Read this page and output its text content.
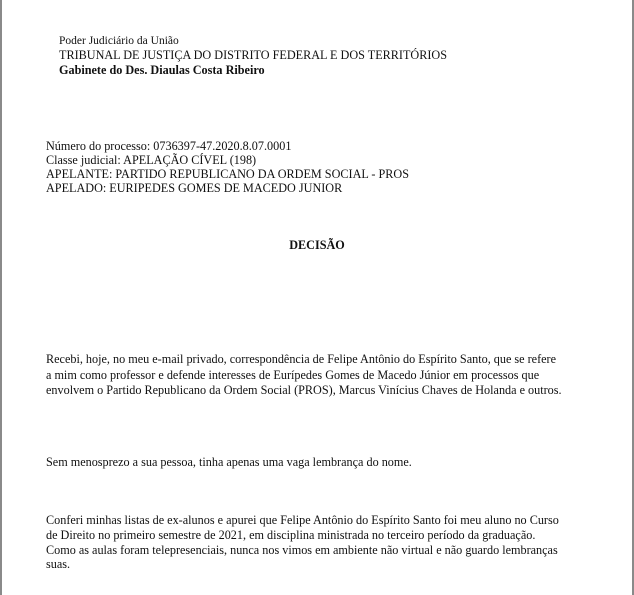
Poder Judiciário da União
TRIBUNAL DE JUSTIÇA DO DISTRITO FEDERAL E DOS TERRITÓRIOS
Gabinete do Des. Diaulas Costa Ribeiro
Número do processo: 0736397-47.2020.8.07.0001
Classe judicial: APELAÇÃO CÍVEL (198)
APELANTE: PARTIDO REPUBLICANO DA ORDEM SOCIAL - PROS
APELADO: EURIPEDES GOMES DE MACEDO JUNIOR
DECISÃO
Recebi, hoje, no meu e-mail privado, correspondência de Felipe Antônio do Espírito Santo, que se refere
a mim como professor e defende interesses de Eurípedes Gomes de Macedo Júnior em processos que
envolvem o Partido Republicano da Ordem Social (PROS), Marcus Vinícius Chaves de Holanda e outros.
Sem menosprezo a sua pessoa, tinha apenas uma vaga lembrança do nome.
Conferi minhas listas de ex-alunos e apurei que Felipe Antônio do Espírito Santo foi meu aluno no Curso
de Direito no primeiro semestre de 2021, em disciplina ministrada no terceiro período da graduação.
Como as aulas foram telepresenciais, nunca nos vimos em ambiente não virtual e não guardo lembranças
suas.
